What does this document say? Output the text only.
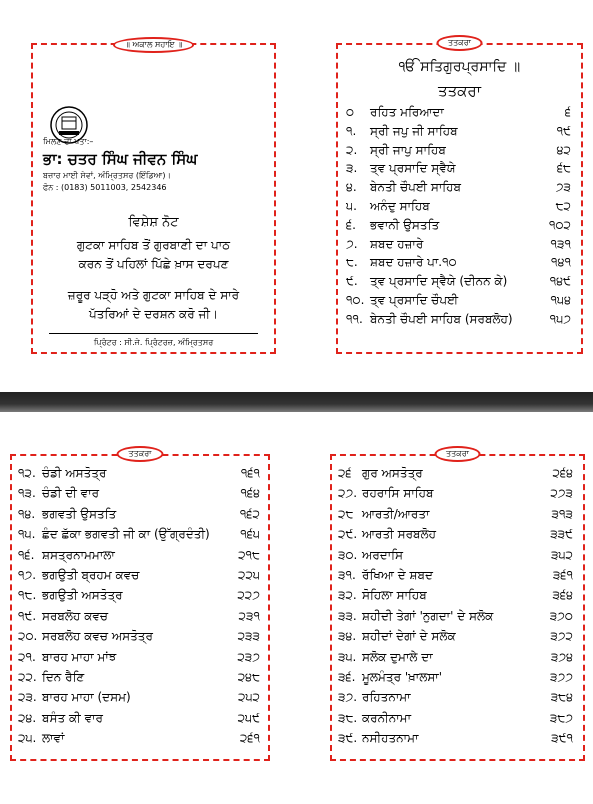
॥ ਅਕਾਲ ਸਹਾਇ ॥
ਮਿਲਣ ਦਾ ਪਤਾ:–
ਭਾ: ਚਤਰ ਸਿੰਘ ਜੀਵਨ ਸਿੰਘ
ਬਜ਼ਾਰ ਮਾਈ ਸੇਵਾਂ, ਅੰਮ੍ਰਿਤਸਰ (ਇੰਡਿਆ)।
ਫੋਨ : (0183) 5011003, 2542346
ਵਿਸ਼ੇਸ਼ ਨੋਟ
ਗੁਟਕਾ ਸਾਹਿਬ ਤੋਂ ਗੁਰਬਾਣੀ ਦਾ ਪਾਠ
ਕਰਨ ਤੋਂ ਪਹਿਲਾਂ ਪਿੱਛੇ ਖ਼ਾਸ ਦਰਪਣ
ਜ਼ਰੂਰ ਪੜ੍ਹੋ ਅਤੇ ਗੁਟਕਾ ਸਾਹਿਬ ਦੇ ਸਾਰੇ
ਪੱਤਰਿਆਂ ਦੇ ਦਰਸ਼ਨ ਕਰੋ ਜੀ।
ਪ੍ਰਿੰਟਰ : ਸੀ.ਜੇ. ਪ੍ਰਿੰਟਰਜ਼, ਅੰਮ੍ਰਿਤਸਰ
ਤਤਕਰਾ
ੴ ਸਤਿਗੁਰਪ੍ਰਸਾਦਿ ॥
ਤਤਕਰਾ
੦ ਰਹਿਤ ਮਰਿਆਦਾ	੬
੧. ਸ੍ਰੀ ਜਪੁ ਜੀ ਸਾਹਿਬ	੧੯
੨. ਸ੍ਰੀ ਜਾਪੁ ਸਾਹਿਬ	੪੨
੩. ਤ੍ਵ ਪ੍ਰਸਾਦਿ ਸ੍ਵੈਯੇ	੬੮
੪. ਬੇਨਤੀ ਚੌਪਈ ਸਾਹਿਬ	੭੩
੫. ਅਨੰਦੁ ਸਾਹਿਬ	੮੨
੬. ਭਵਾਨੀ ਉਸਤਤਿ	੧੦੨
੭. ਸ਼ਬਦ ਹਜ਼ਾਰੇ	੧੩੧
੮. ਸ਼ਬਦ ਹਜ਼ਾਰੇ ਪਾ.੧੦	੧੪੧
੯. ਤ੍ਵ ਪ੍ਰਸਾਦਿ ਸ੍ਵੈਯੇ (ਦੀਨਨ ਕੇ)	੧੪੯
੧੦. ਤ੍ਵ ਪ੍ਰਸਾਦਿ ਚੌਪਈ	੧੫੪
੧੧. ਬੇਨਤੀ ਚੌਪਈ ਸਾਹਿਬ (ਸਰਬਲੋਹ)	੧੫੭
ਤਤਕਰਾ
੧੨. ਚੰਡੀ ਅਸਤੋਤ੍ਰ	੧੬੧
੧੩. ਚੰਡੀ ਦੀ ਵਾਰ	੧੬੪
੧੪. ਭਗਵਤੀ ਉਸਤਤਿ	੧੬੨
੧੫. ਛੰਦ ਛੱਕਾ ਭਗਵਤੀ ਜੀ ਕਾ (ਉੱਗ੍ਰਦੰਤੀ)	੧੬੫
੧੬. ਸ਼ਸਤ੍ਰਨਾਮਮਾਲਾ	੨੧੮
੧੭. ਭਗਉਤੀ ਬ੍ਰਹਮ ਕਵਚ	੨੨੫
੧੮. ਭਗਉਤੀ ਅਸਤੋਤ੍ਰ	੨੨੭
੧੯. ਸਰਬਲੋਹ ਕਵਚ	੨੩੧
੨੦. ਸਰਬਲੋਹ ਕਵਚ ਅਸਤੋਤ੍ਰ	੨੩੩
੨੧. ਬਾਰਹ ਮਾਹਾ ਮਾਂਝ	੨੩੭
੨੨. ਦਿਨ ਰੈਣਿ	੨੪੮
੨੩. ਬਾਰਹ ਮਾਹਾ (ਦਸਮ)	੨੫੨
੨੪. ਬਸੰਤ ਕੀ ਵਾਰ	੨੫੯
੨੫. ਲਾਵਾਂ	੨੬੧
ਤਤਕਰਾ
੨੬ ਗੁਰ ਅਸਤੋਤ੍ਰ	੨੬੪
੨੭. ਰਹਰਾਸਿ ਸਾਹਿਬ	੨੭੩
੨੮ ਆਰਤੀ/ਆਰਤਾ	੩੧੩
੨੯. ਆਰਤੀ ਸਰਬਲੋਹ	੩੩੯
੩੦. ਅਰਦਾਸਿ	੩੫੨
੩੧. ਰੱਖਿਆ ਦੇ ਸ਼ਬਦ	੩੬੧
੩੨. ਸੋਹਿਲਾ ਸਾਹਿਬ	੩੬੪
੩੩. ਸ਼ਹੀਦੀ ਤੇਗਾਂ 'ਨੁਗਦਾ' ਦੇ ਸਲੋਕ	੩੭੦
੩੪. ਸ਼ਹੀਦਾਂ ਦੇਗਾਂ ਦੇ ਸਲੋਕ	੩੭੨
੩੫. ਸਲੋਕ ਦੁਮਾਲੇ ਦਾ	੩੭੪
੩੬. ਮੂਲਮੰਤ੍ਰ 'ਖ਼ਾਲਸਾ'	੩੭੭
੩੭. ਰਹਿਤਨਾਮਾ	੩੮੪
੩੮. ਕਰਨੀਨਾਮਾ	੩੮੭
੩੯. ਨਸੀਹਤਨਾਮਾ	੩੯੧
